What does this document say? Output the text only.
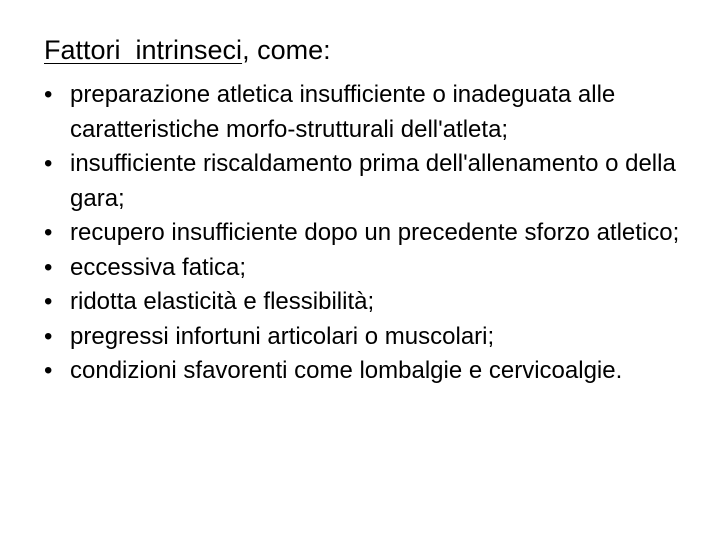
Fattori  intrinseci, come:
• preparazione atletica insufficiente o inadeguata alle caratteristiche morfo-strutturali dell'atleta;
• insufficiente riscaldamento prima dell'allenamento o della  gara;
• recupero insufficiente dopo un precedente sforzo atletico;
• eccessiva fatica;
• ridotta elasticità e flessibilità;
• pregressi infortuni articolari o muscolari;
• condizioni sfavorenti come lombalgie e cervicoalgie.
